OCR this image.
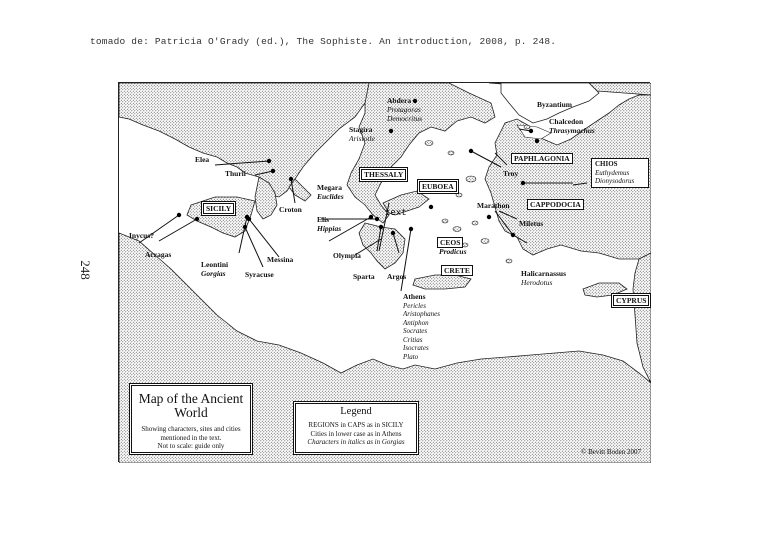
tomado de: Patricia O'Grady (ed.), The Sophiste. An introduction, 2008, p. 248.
248
SICILY
THESSALY
EUBOEA
PAPHLAGONIA
CAPPODOCIA
CEOS
CRETE
CYPRUS
CHIOS
Euthydemus
Dionysodorus
Abdera
Protagoras
Democritus
Stagira
Aristotle
Byzantium
Chalcedon
Thrasymachus
Troy
Elea
Thurii
Croton
Megara
Euclides
Elis
Hippias
Marathon
Miletus
Olympia
Sparta Argos
text
Inycus?
Acragas
Leontini
Gorgias
Messina
Syracuse
Prodicus
Halicarnassus
Herodotus
Athens
Pericles
Aristophanes
Antiphon
Socrates
Critias
Isocrates
Plato
Map of the Ancient World
Showing characters, sites and cities
mentioned in the text.
Not to scale: guide only
Legend
REGIONS in CAPS as in SICILY
Cities in lower case as in Athens
Characters in italics as in Gorgias
© Bevitt Boden 2007
